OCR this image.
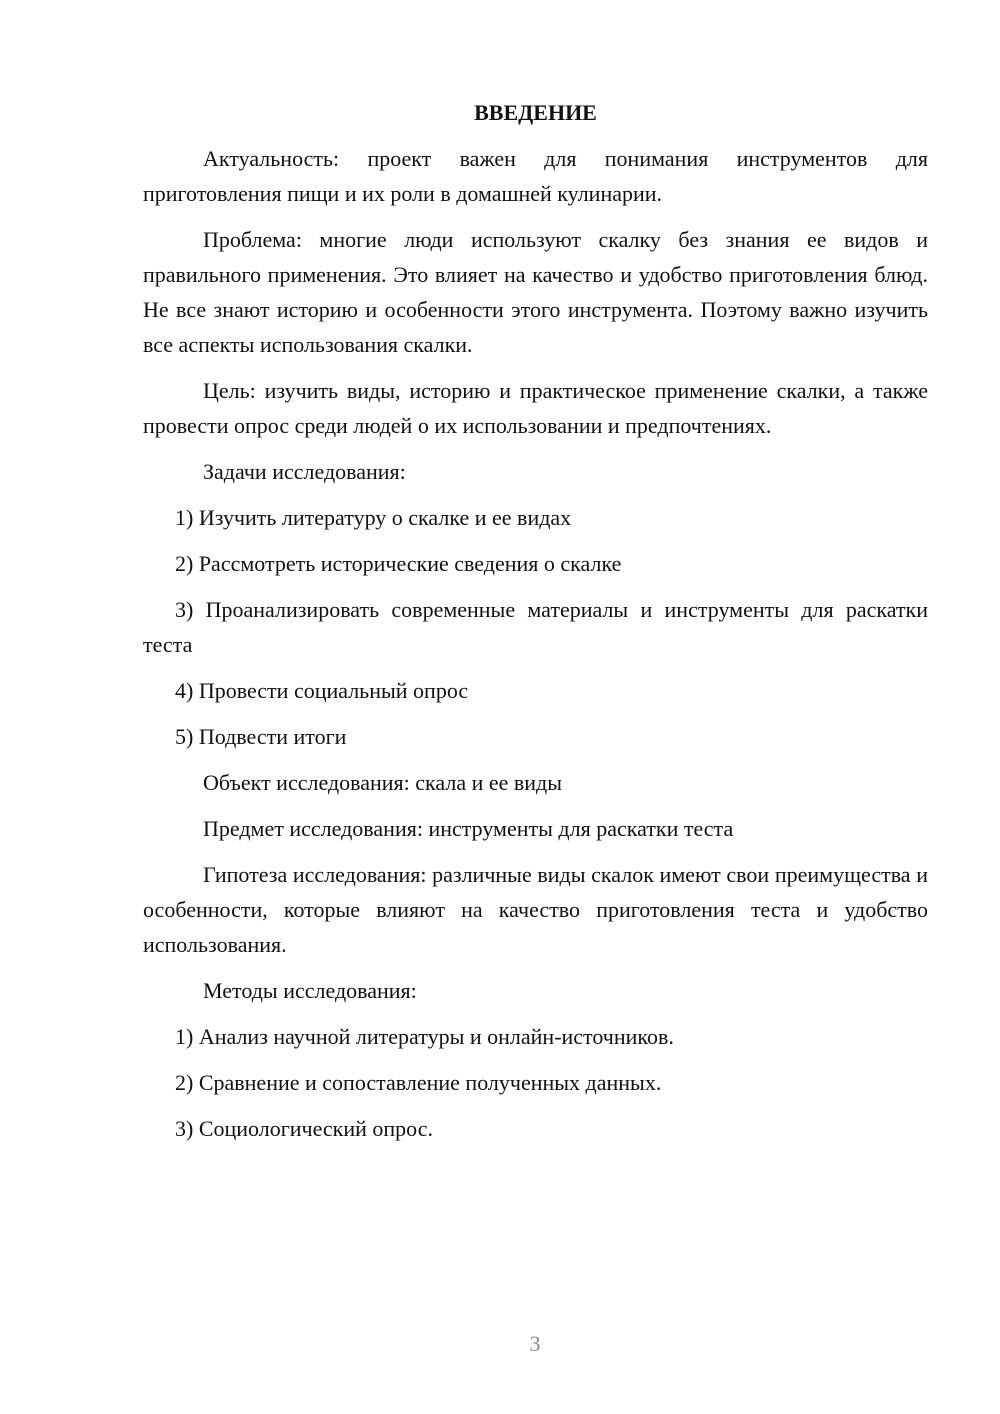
ВВЕДЕНИЕ

Актуальность: проект важен для понимания инструментов для приготовления пищи и их роли в домашней кулинарии.

Проблема: многие люди используют скалку без знания ее видов и правильного применения. Это влияет на качество и удобство приготовления блюд. Не все знают историю и особенности этого инструмента. Поэтому важно изучить все аспекты использования скалки.

Цель: изучить виды, историю и практическое применение скалки, а также провести опрос среди людей о их использовании и предпочтениях.

Задачи исследования:

1) Изучить литературу о скалке и ее видах

2) Рассмотреть исторические сведения о скалке

3) Проанализировать современные материалы и инструменты для раскатки теста

4) Провести социальный опрос

5) Подвести итоги

Объект исследования: скала и ее виды

Предмет исследования: инструменты для раскатки теста

Гипотеза исследования: различные виды скалок имеют свои преимущества и особенности, которые влияют на качество приготовления теста и удобство использования.

Методы исследования:

1) Анализ научной литературы и онлайн-источников.

2) Сравнение и сопоставление полученных данных.

3) Социологический опрос.

3
